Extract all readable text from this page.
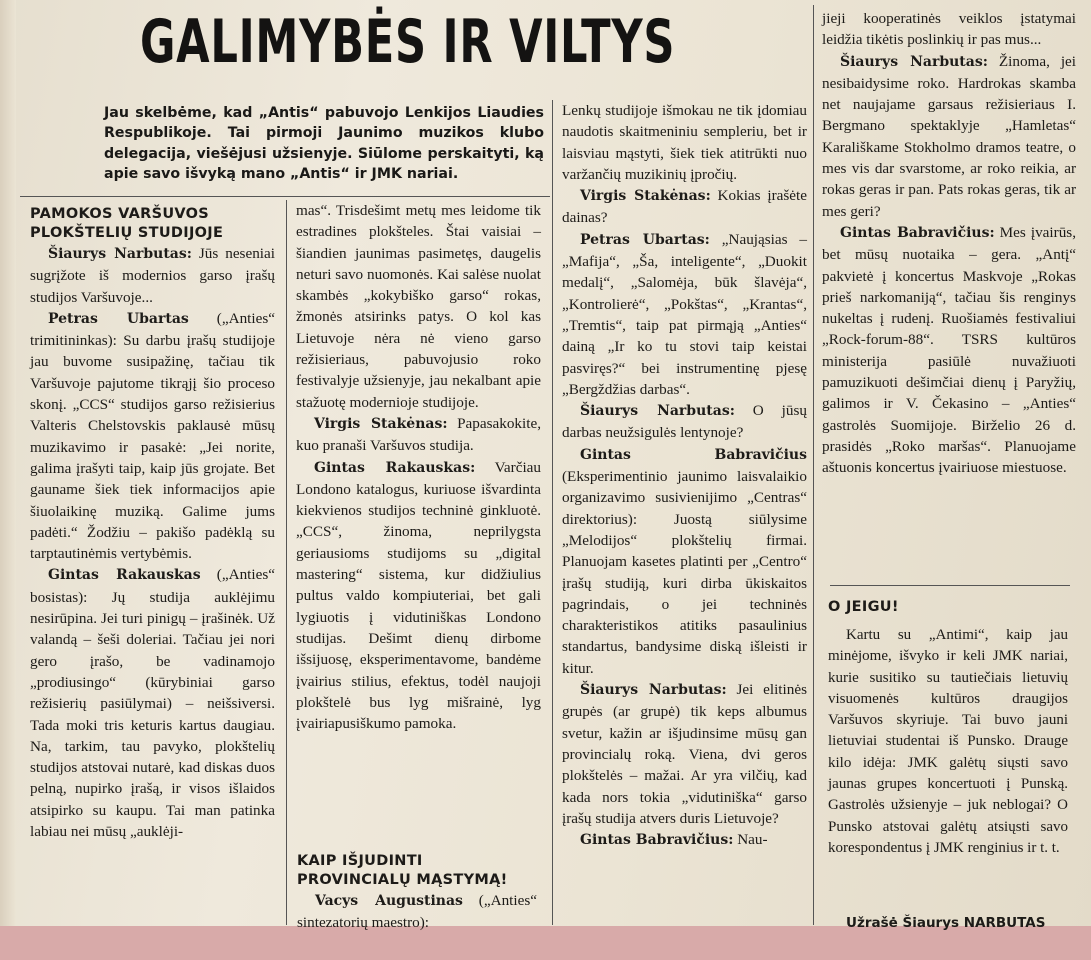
GALIMYBĖS IR VILTYS
Jau skelbėme, kad „Antis“ pabuvojo Lenkijos Liaudies Respublikoje. Tai pirmoji Jaunimo muzikos klubo delegacija, viešėjusi užsienyje. Siūlome perskaityti, ką apie savo išvyką mano „Antis“ ir JMK nariai.

PAMOKOS VARŠUVOS PLOKŠTELIŲ STUDIJOJE

Šiaurys Narbutas: Jūs neseniai sugrįžote iš modernios garso įrašų studijos Varšuvoje...

Petras Ubartas („Anties“ trimitininkas): Su darbu įrašų studijoje jau buvome susipažinę, tačiau tik Varšuvoje pajutome tikrąjį šio proceso skonį. „CCS“ studijos garso režisierius Valteris Chelstovskis paklausė mūsų muzikavimo ir pasakė: „Jei norite, galima įrašyti taip, kaip jūs grojate. Bet gauname šiek tiek informacijos apie šiuolaikinę muziką. Galime jums padėti.“ Žodžiu – pakišo padėklą su tarptautinėmis vertybėmis.

Gintas Rakauskas („Anties“ bosistas): Jų studija auklėjimu nesirūpina. Jei turi pinigų – įrašinėk. Už valandą – šeši doleriai. Tačiau jei nori gero įrašo, be vadinamojo „prodiusingo“ (kūrybiniai garso režisierių pasiūlymai) – neišsiversi. Tada moki tris keturis kartus daugiau. Na, tarkim, tau pavyko, plokštelių studijos atstovai nutarė, kad diskas duos pelną, nupirko įrašą, ir visos išlaidos atsipirko su kaupu. Tai man patinka labiau nei mūsų „auklėji-

mas“. Trisdešimt metų mes leidome tik estradines plokšteles. Štai vaisiai – šiandien jaunimas pasimetęs, daugelis neturi savo nuomonės. Kai salėse nuolat skambės „kokybiško garso“ rokas, žmonės atsirinks patys. O kol kas Lietuvoje nėra nė vieno garso režisieriaus, pabuvojusio roko festivalyje užsienyje, jau nekalbant apie stažuotę modernioje studijoje.

Virgis Stakėnas: Papasakokite, kuo pranaši Varšuvos studija.

Gintas Rakauskas: Varčiau Londono katalogus, kuriuose išvardinta kiekvienos studijos techninė ginkluotė. „CCS“, žinoma, neprilygsta geriausioms studijoms su „digital mastering“ sistema, kur didžiulius pultus valdo kompiuteriai, bet gali lygiuotis į vidutiniškas Londono studijas. Dešimt dienų dirbome išsijuosę, eksperimentavome, bandėme įvairius stilius, efektus, todėl naujoji plokštelė bus lyg mišrainė, lyg įvairiapusiškumo pamoka.

KAIP IŠJUDINTI PROVINCIALŲ MĄSTYMĄ!

Vacys Augustinas („Anties“ sintezatorių maestro):

Lenkų studijoje išmokau ne tik įdomiau naudotis skaitmeniniu sempleriu, bet ir laisviau mąstyti, šiek tiek atitrūkti nuo varžančių muzikinių įpročių.

Virgis Stakėnas: Kokias įrašėte dainas?

Petras Ubartas: „Naująsias – „Mafija“, „Ša, inteligente“, „Duokit medalį“, „Salomėja, būk šlavėja“, „Kontrolierė“, „Pokštas“, „Krantas“, „Tremtis“, taip pat pirmąją „Anties“ dainą „Ir ko tu stovi taip keistai pasviręs?“ bei instrumentinę pjesę „Bergždžias darbas“.

Šiaurys Narbutas: O jūsų darbas neužsigulės lentynoje?

Gintas Babravičius (Eksperimentinio jaunimo laisvalaikio organizavimo susivienijimo „Centras“ direktorius): Juostą siūlysime „Melodijos“ plokštelių firmai. Planuojam kasetes platinti per „Centro“ įrašų studiją, kuri dirba ūkiskaitos pagrindais, o jei techninės charakteristikos atitiks pasaulinius standartus, bandysime diską išleisti ir kitur.

Šiaurys Narbutas: Jei elitinės grupės (ar grupė) tik keps albumus svetur, kažin ar išjudinsime mūsų gan provincialų roką. Viena, dvi geros plokštelės – mažai. Ar yra vilčių, kad kada nors tokia „vidutiniška“ garso įrašų studija atvers duris Lietuvoje?

Gintas Babravičius: Nau-

jieji kooperatinės veiklos įstatymai leidžia tikėtis poslinkių ir pas mus...

Šiaurys Narbutas: Žinoma, jei nesibaidysime roko. Hardrokas skamba net naujajame garsaus režisieriaus I. Bergmano spektaklyje „Hamletas“ Karališkame Stokholmo dramos teatre, o mes vis dar svarstome, ar roko reikia, ar rokas geras ir pan. Pats rokas geras, tik ar mes geri?

Gintas Babravičius: Mes įvairūs, bet mūsų nuotaika – gera. „Antį“ pakvietė į koncertus Maskvoje „Rokas prieš narkomaniją“, tačiau šis renginys nukeltas į rudenį. Ruošiamės festivaliui „Rock-forum-88“. TSRS kultūros ministerija pasiūlė nuvažiuoti pamuzikuoti dešimčiai dienų į Paryžių, galimos ir V. Čekasino – „Anties“ gastrolės Suomijoje. Birželio 26 d. prasidės „Roko maršas“. Planuojame aštuonis koncertus įvairiuose miestuose.

O JEIGU!

Kartu su „Antimi“, kaip jau minėjome, išvyko ir keli JMK nariai, kurie susitiko su tautiečiais lietuvių visuomenės kultūros draugijos Varšuvos skyriuje. Tai buvo jauni lietuviai studentai iš Punsko. Drauge kilo idėja: JMK galėtų siųsti savo jaunas grupes koncertuoti į Punską. Gastrolės užsienyje – juk neblogai? O Punsko atstovai galėtų atsiųsti savo korespondentus į JMK renginius ir t. t.

Užrašė Šiaurys NARBUTAS
